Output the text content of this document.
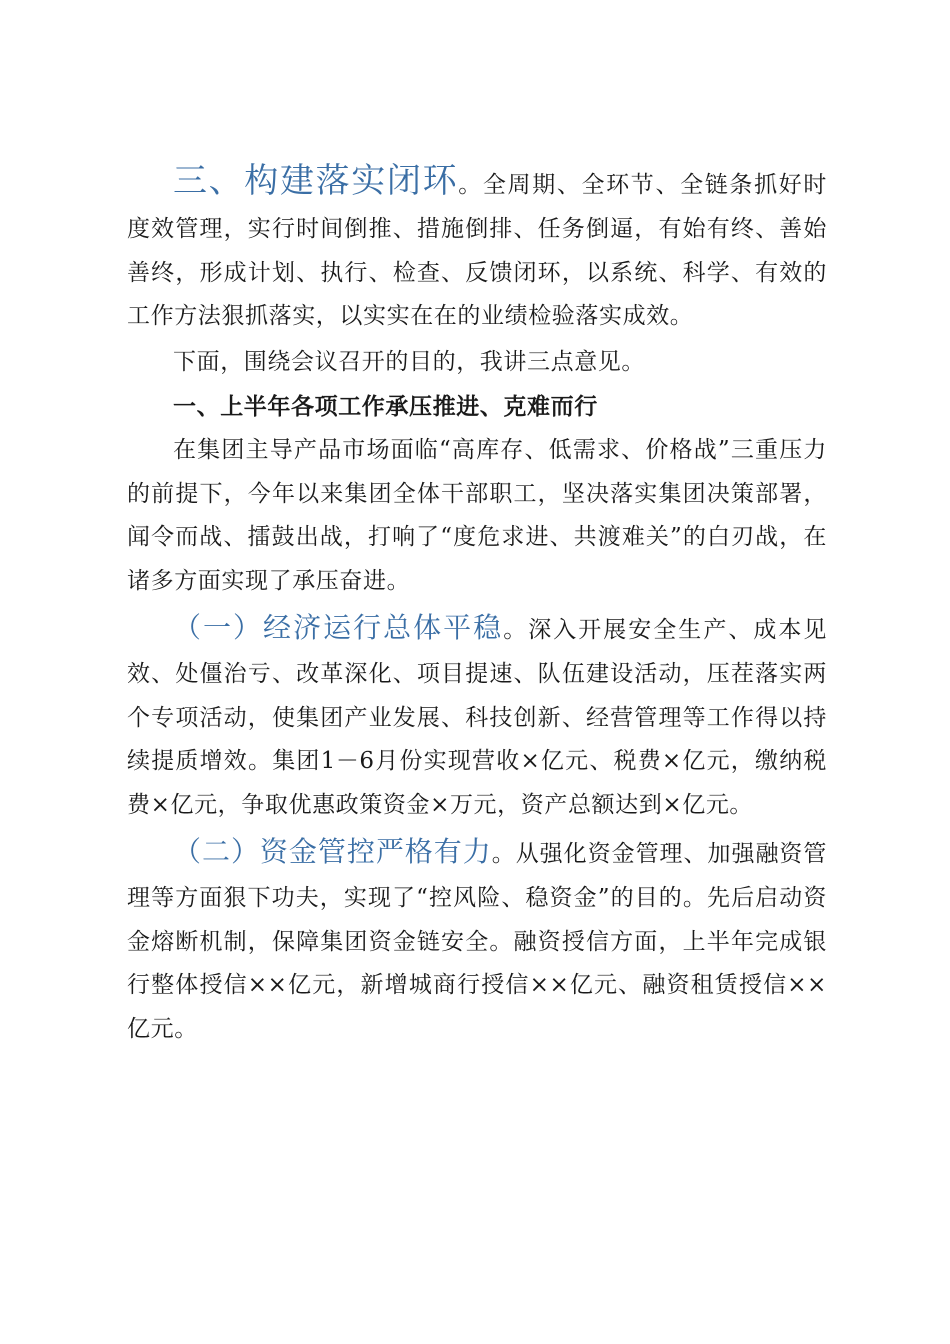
三、构建落实闭环。全周期、全环节、全链条抓好时度效管理，实行时间倒推、措施倒排、任务倒逼，有始有终、善始善终，形成计划、执行、检查、反馈闭环，以系统、科学、有效的工作方法狠抓落实，以实实在在的业绩检验落实成效。

下面，围绕会议召开的目的，我讲三点意见。

一、上半年各项工作承压推进、克难而行

在集团主导产品市场面临“高库存、低需求、价格战”三重压力的前提下，今年以来集团全体干部职工，坚决落实集团决策部署，闻令而战、擂鼓出战，打响了“度危求进、共渡难关”的白刃战，在诸多方面实现了承压奋进。

（一）经济运行总体平稳。深入开展安全生产、成本见效、处僵治亏、改革深化、项目提速、队伍建设活动，压茬落实两个专项活动，使集团产业发展、科技创新、经营管理等工作得以持续提质增效。集团1－6月份实现营收×亿元、税费×亿元，缴纳税费×亿元，争取优惠政策资金×万元，资产总额达到×亿元。

（二）资金管控严格有力。从强化资金管理、加强融资管理等方面狠下功夫，实现了“控风险、稳资金”的目的。先后启动资金熔断机制，保障集团资金链安全。融资授信方面，上半年完成银行整体授信××亿元，新增城商行授信××亿元、融资租赁授信××亿元。
